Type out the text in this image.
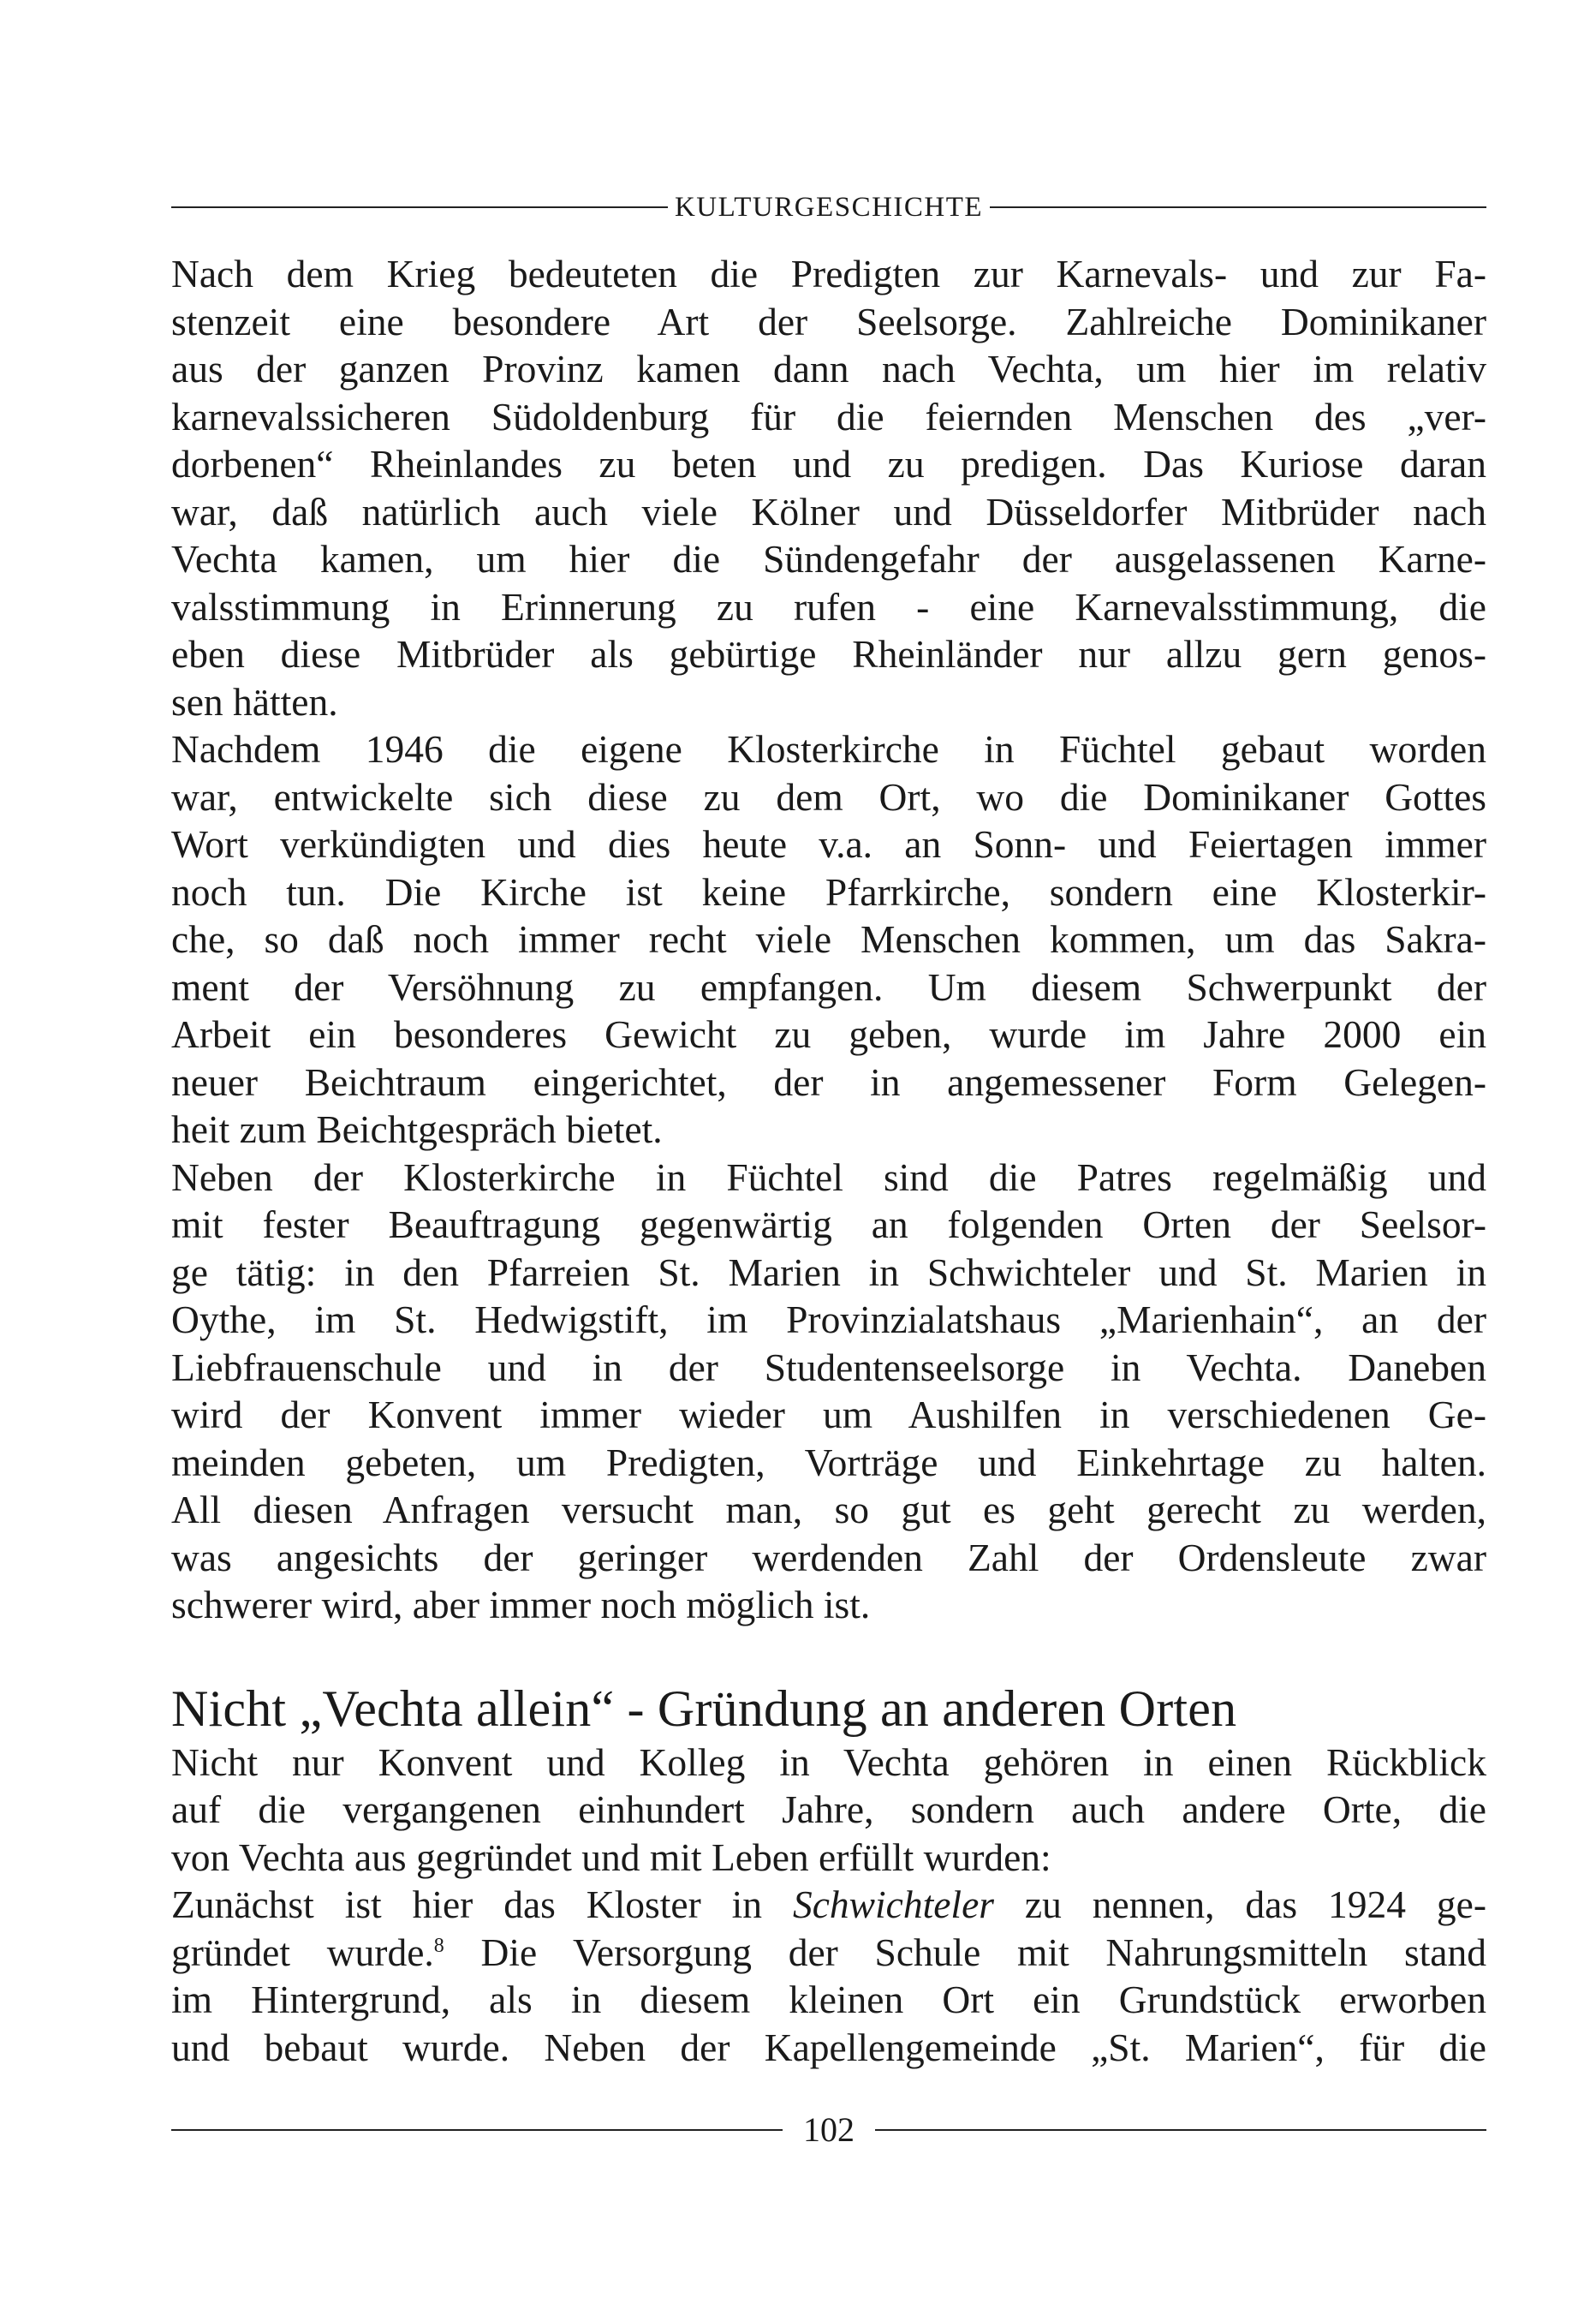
KULTURGESCHICHTE

Nach dem Krieg bedeuteten die Predigten zur Karnevals- und zur Fa-
stenzeit eine besondere Art der Seelsorge. Zahlreiche Dominikaner
aus der ganzen Provinz kamen dann nach Vechta, um hier im relativ
karnevalssicheren Südoldenburg für die feiernden Menschen des „ver-
dorbenen“ Rheinlandes zu beten und zu predigen. Das Kuriose daran
war, daß natürlich auch viele Kölner und Düsseldorfer Mitbrüder nach
Vechta kamen, um hier die Sündengefahr der ausgelassenen Karne-
valsstimmung in Erinnerung zu rufen - eine Karnevalsstimmung, die
eben diese Mitbrüder als gebürtige Rheinländer nur allzu gern genos-
sen hätten.

Nachdem 1946 die eigene Klosterkirche in Füchtel gebaut worden
war, entwickelte sich diese zu dem Ort, wo die Dominikaner Gottes
Wort verkündigten und dies heute v.a. an Sonn- und Feiertagen immer
noch tun. Die Kirche ist keine Pfarrkirche, sondern eine Klosterkir-
che, so daß noch immer recht viele Menschen kommen, um das Sakra-
ment der Versöhnung zu empfangen. Um diesem Schwerpunkt der
Arbeit ein besonderes Gewicht zu geben, wurde im Jahre 2000 ein
neuer Beichtraum eingerichtet, der in angemessener Form Gelegen-
heit zum Beichtgespräch bietet.

Neben der Klosterkirche in Füchtel sind die Patres regelmäßig und
mit fester Beauftragung gegenwärtig an folgenden Orten der Seelsor-
ge tätig: in den Pfarreien St. Marien in Schwichteler und St. Marien in
Oythe, im St. Hedwigstift, im Provinzialatshaus „Marienhain“, an der
Liebfrauenschule und in der Studentenseelsorge in Vechta. Daneben
wird der Konvent immer wieder um Aushilfen in verschiedenen Ge-
meinden gebeten, um Predigten, Vorträge und Einkehrtage zu halten.
All diesen Anfragen versucht man, so gut es geht gerecht zu werden,
was angesichts der geringer werdenden Zahl der Ordensleute zwar
schwerer wird, aber immer noch möglich ist.

Nicht „Vechta allein“ - Gründung an anderen Orten

Nicht nur Konvent und Kolleg in Vechta gehören in einen Rückblick
auf die vergangenen einhundert Jahre, sondern auch andere Orte, die
von Vechta aus gegründet und mit Leben erfüllt wurden:

Zunächst ist hier das Kloster in Schwichteler zu nennen, das 1924 ge-
gründet wurde.$^8$ Die Versorgung der Schule mit Nahrungsmitteln stand
im Hintergrund, als in diesem kleinen Ort ein Grundstück erworben
und bebaut wurde. Neben der Kapellengemeinde „St. Marien“, für die

102
